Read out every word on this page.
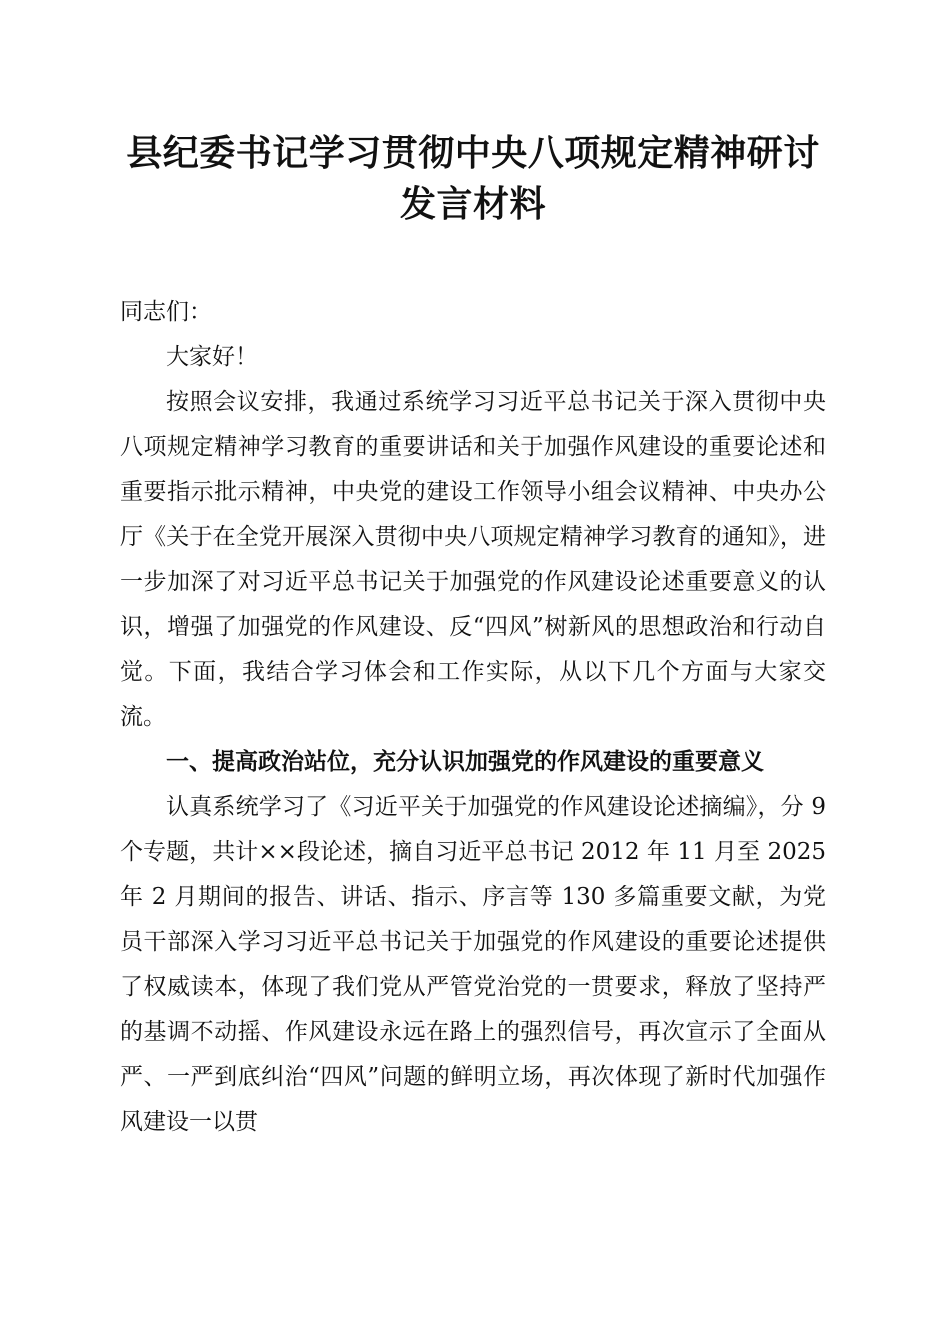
县纪委书记学习贯彻中央八项规定精神研讨发言材料

同志们：

大家好！

按照会议安排，我通过系统学习习近平总书记关于深入贯彻中央八项规定精神学习教育的重要讲话和关于加强作风建设的重要论述和重要指示批示精神，中央党的建设工作领导小组会议精神、中央办公厅《关于在全党开展深入贯彻中央八项规定精神学习教育的通知》，进一步加深了对习近平总书记关于加强党的作风建设论述重要意义的认识，增强了加强党的作风建设、反“四风”树新风的思想政治和行动自觉。下面，我结合学习体会和工作实际，从以下几个方面与大家交流。

一、提高政治站位，充分认识加强党的作风建设的重要意义

认真系统学习了《习近平关于加强党的作风建设论述摘编》，分 9 个专题，共计××段论述，摘自习近平总书记 2012 年 11 月至 2025 年 2 月期间的报告、讲话、指示、序言等 130 多篇重要文献，为党员干部深入学习习近平总书记关于加强党的作风建设的重要论述提供了权威读本，体现了我们党从严管党治党的一贯要求，释放了坚持严的基调不动摇、作风建设永远在路上的强烈信号，再次宣示了全面从严、一严到底纠治“四风”问题的鲜明立场，再次体现了新时代加强作风建设一以贯
